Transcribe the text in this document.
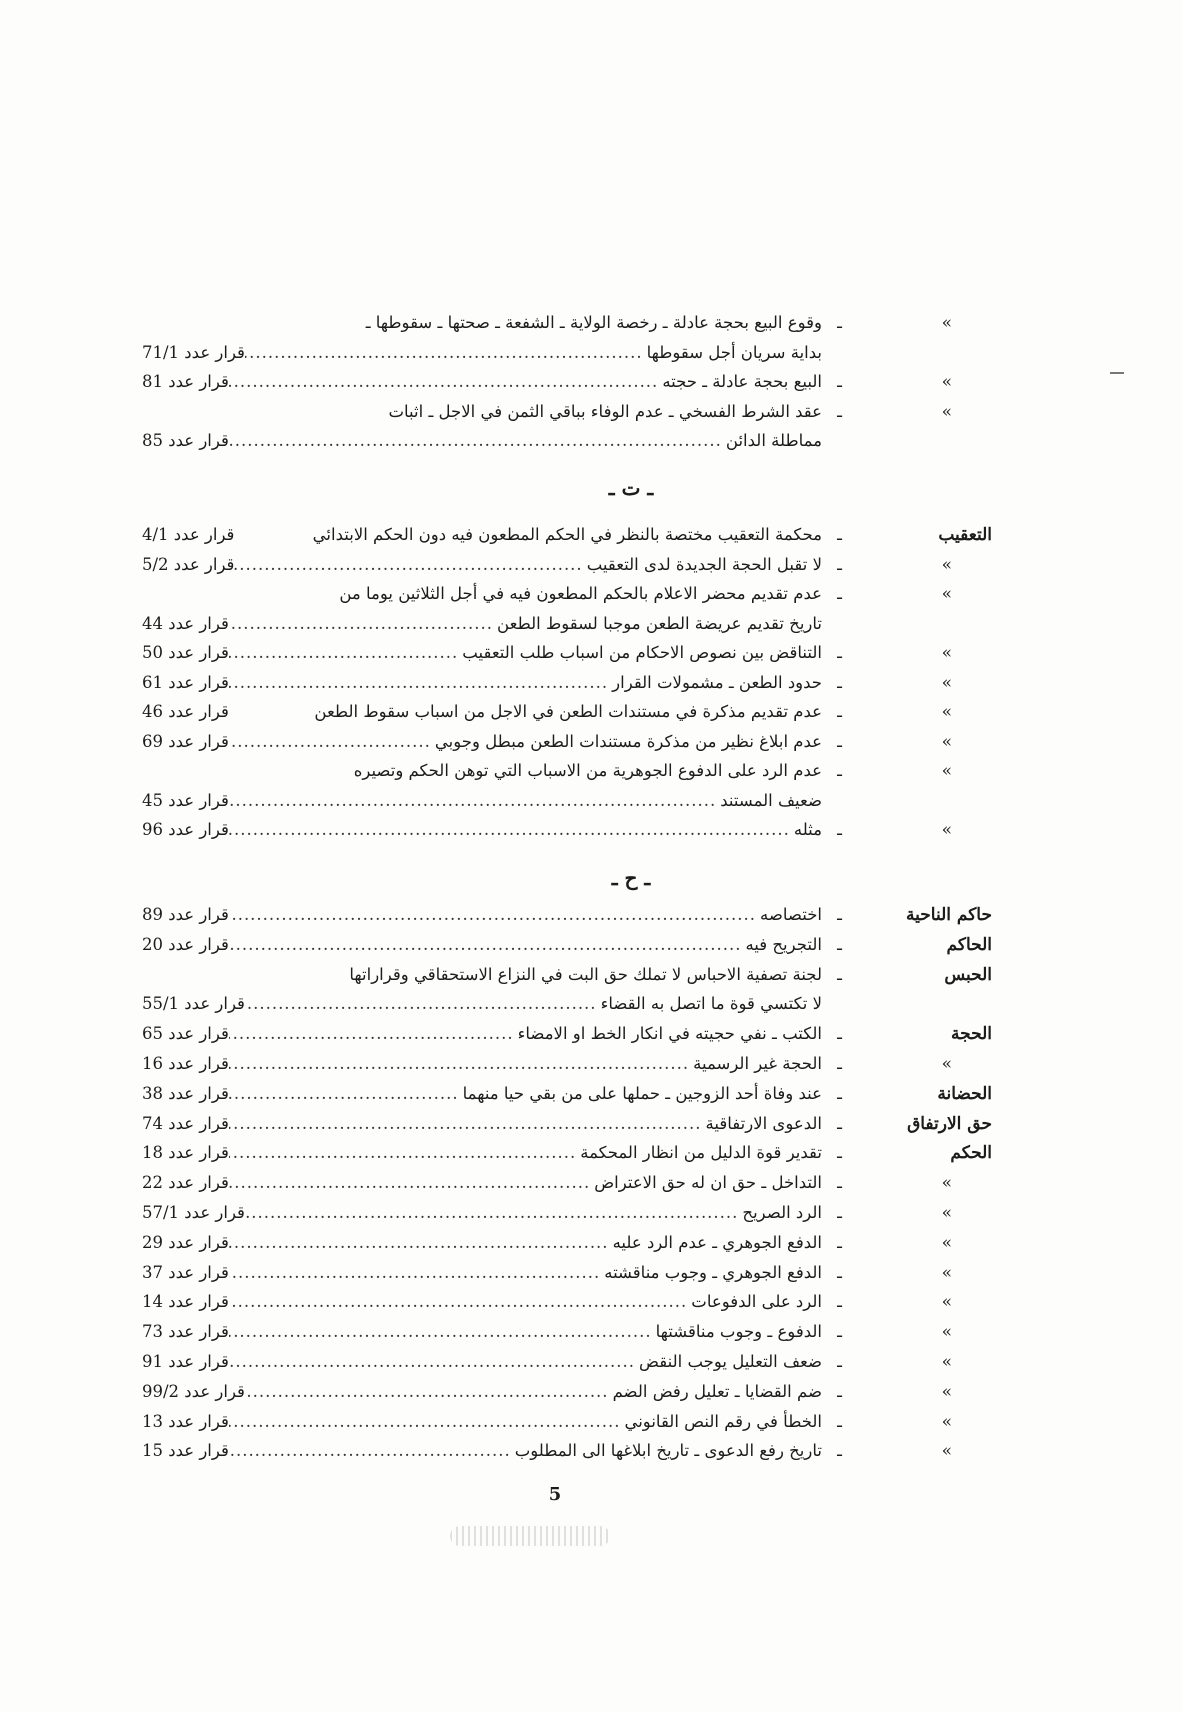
ـ ت ـ
ـ ح ـ
5
»
ـ
وقوع البيع بحجة عادلة ـ رخصة الولاية ـ الشفعة ـ صحتها ـ سقوطها ـ
بداية سريان أجل سقوطها
.....
قرار عدد 71/1
»
ـ
البيع بحجة عادلة ـ حجته
.....
قرار عدد 81
»
ـ
عقد الشرط الفسخي ـ عدم الوفاء بباقي الثمن في الاجل ـ اثبات
مماطلة الدائن
.....
قرار عدد 85
التعقيب
ـ
محكمة التعقيب مختصة بالنظر في الحكم المطعون فيه دون الحكم الابتدائي
قرار عدد 4/1
»
ـ
لا تقبل الحجة الجديدة لدى التعقيب
.....
قرار عدد 5/2
»
ـ
عدم تقديم محضر الاعلام بالحكم المطعون فيه في أجل الثلاثين يوما من
تاريخ تقديم عريضة الطعن موجبا لسقوط الطعن
.....
قرار عدد 44
»
ـ
التناقض بين نصوص الاحكام من اسباب طلب التعقيب
.....
قرار عدد 50
»
ـ
حدود الطعن ـ مشمولات القرار
.....
قرار عدد 61
»
ـ
عدم تقديم مذكرة في مستندات الطعن في الاجل من اسباب سقوط الطعن
قرار عدد 46
»
ـ
عدم ابلاغ نظير من مذكرة مستندات الطعن مبطل وجوبي
.....
قرار عدد 69
»
ـ
عدم الرد على الدفوع الجوهرية من الاسباب التي توهن الحكم وتصيره
ضعيف المستند
.....
قرار عدد 45
»
ـ
مثله
.....
قرار عدد 96
حاكم الناحية
ـ
اختصاصه
.....
قرار عدد 89
الحاكم
ـ
التجريح فيه
.....
قرار عدد 20
الحبس
ـ
لجنة تصفية الاحباس لا تملك حق البت في النزاع الاستحقاقي وقراراتها
لا تكتسي قوة ما اتصل به القضاء
.....
قرار عدد 55/1
الحجة
ـ
الكتب ـ نفي حجيته في انكار الخط او الامضاء
.....
قرار عدد 65
»
ـ
الحجة غير الرسمية
.....
قرار عدد 16
الحضانة
ـ
عند وفاة أحد الزوجين ـ حملها على من بقي حيا منهما
.....
قرار عدد 38
حق الارتفاق
ـ
الدعوى الارتفاقية
.....
قرار عدد 74
الحكم
ـ
تقدير قوة الدليل من انظار المحكمة
.....
قرار عدد 18
»
ـ
التداخل ـ حق ان له حق الاعتراض
.....
قرار عدد 22
»
ـ
الرد الصريح
.....
قرار عدد 57/1
»
ـ
الدفع الجوهري ـ عدم الرد عليه
.....
قرار عدد 29
»
ـ
الدفع الجوهري ـ وجوب مناقشته
.....
قرار عدد 37
»
ـ
الرد على الدفوعات
.....
قرار عدد 14
»
ـ
الدفوع ـ وجوب مناقشتها
.....
قرار عدد 73
»
ـ
ضعف التعليل يوجب النقض
.....
قرار عدد 91
»
ـ
ضم القضايا ـ تعليل رفض الضم
.....
قرار عدد 99/2
»
ـ
الخطأ في رقم النص القانوني
.....
قرار عدد 13
»
ـ
تاريخ رفع الدعوى ـ تاريخ ابلاغها الى المطلوب
.....
قرار عدد 15
